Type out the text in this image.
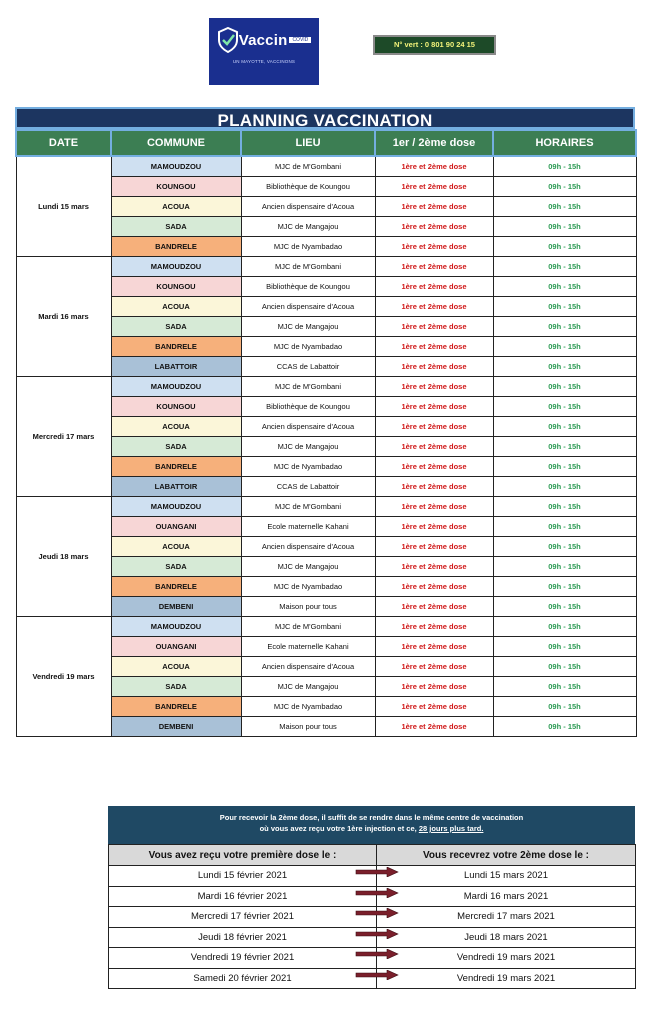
Vaccin COVID
UN MAYOTTE, VACCINONS
N° vert : 0 801 90 24 15
PLANNING VACCINATION
DATE	COMMUNE	LIEU	1er / 2ème dose	HORAIRES
Lundi 15 mars	MAMOUDZOU	MJC de M'Gombani	1ère et 2ème dose	09h - 15h
	KOUNGOU	Bibliothèque de Koungou	1ère et 2ème dose	09h - 15h
	ACOUA	Ancien dispensaire d'Acoua	1ère et 2ème dose	09h - 15h
	SADA	MJC de Mangajou	1ère et 2ème dose	09h - 15h
	BANDRELE	MJC de Nyambadao	1ère et 2ème dose	09h - 15h
Mardi 16 mars	MAMOUDZOU	MJC de M'Gombani	1ère et 2ème dose	09h - 15h
	KOUNGOU	Bibliothèque de Koungou	1ère et 2ème dose	09h - 15h
	ACOUA	Ancien dispensaire d'Acoua	1ère et 2ème dose	09h - 15h
	SADA	MJC de Mangajou	1ère et 2ème dose	09h - 15h
	BANDRELE	MJC de Nyambadao	1ère et 2ème dose	09h - 15h
	LABATTOIR	CCAS de Labattoir	1ère et 2ème dose	09h - 15h
Mercredi 17 mars	MAMOUDZOU	MJC de M'Gombani	1ère et 2ème dose	09h - 15h
	KOUNGOU	Bibliothèque de Koungou	1ère et 2ème dose	09h - 15h
	ACOUA	Ancien dispensaire d'Acoua	1ère et 2ème dose	09h - 15h
	SADA	MJC de Mangajou	1ère et 2ème dose	09h - 15h
	BANDRELE	MJC de Nyambadao	1ère et 2ème dose	09h - 15h
	LABATTOIR	CCAS de Labattoir	1ère et 2ème dose	09h - 15h
Jeudi 18 mars	MAMOUDZOU	MJC de M'Gombani	1ère et 2ème dose	09h - 15h
	OUANGANI	Ecole maternelle Kahani	1ère et 2ème dose	09h - 15h
	ACOUA	Ancien dispensaire d'Acoua	1ère et 2ème dose	09h - 15h
	SADA	MJC de Mangajou	1ère et 2ème dose	09h - 15h
	BANDRELE	MJC de Nyambadao	1ère et 2ème dose	09h - 15h
	DEMBENI	Maison pour tous	1ère et 2ème dose	09h - 15h
Vendredi 19 mars	MAMOUDZOU	MJC de M'Gombani	1ère et 2ème dose	09h - 15h
	OUANGANI	Ecole maternelle Kahani	1ère et 2ème dose	09h - 15h
	ACOUA	Ancien dispensaire d'Acoua	1ère et 2ème dose	09h - 15h
	SADA	MJC de Mangajou	1ère et 2ème dose	09h - 15h
	BANDRELE	MJC de Nyambadao	1ère et 2ème dose	09h - 15h
	DEMBENI	Maison pour tous	1ère et 2ème dose	09h - 15h
Pour recevoir la 2ème dose, il suffit de se rendre dans le même centre de vaccination
où vous avez reçu votre 1ère injection et ce, 28 jours plus tard.
Vous avez reçu votre première dose le :	Vous recevrez votre 2ème dose le :
Lundi 15 février 2021	Lundi 15 mars 2021
Mardi 16 février 2021	Mardi 16 mars 2021
Mercredi 17 février 2021	Mercredi 17 mars 2021
Jeudi 18 février 2021	Jeudi 18 mars 2021
Vendredi 19 février 2021	Vendredi 19 mars 2021
Samedi 20 février 2021	Vendredi 19 mars 2021
